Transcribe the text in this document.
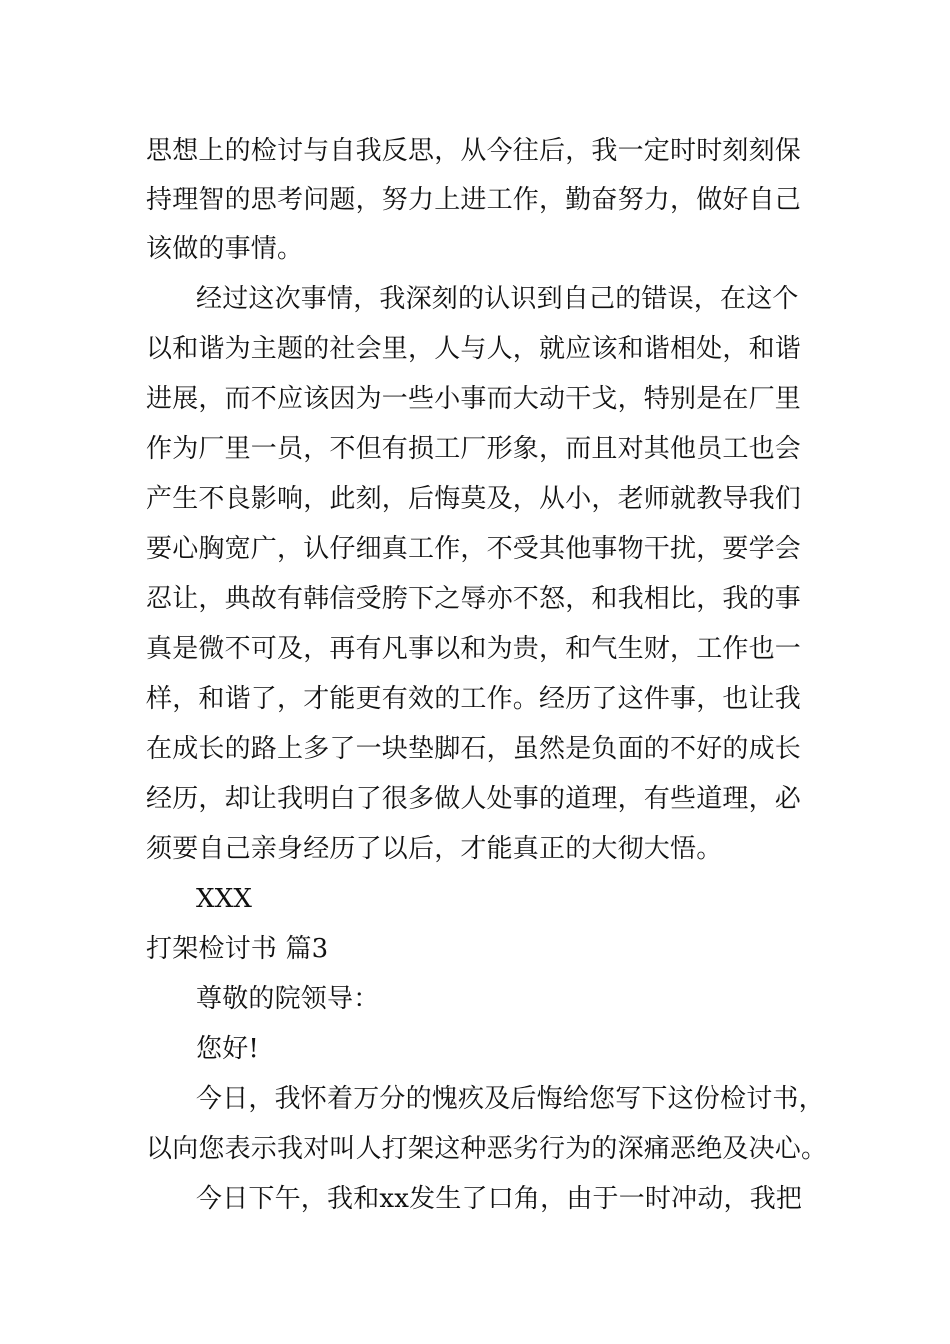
思想上的检讨与自我反思，从今往后，我一定时时刻刻保
持理智的思考问题，努力上进工作，勤奋努力，做好自己
该做的事情。
经过这次事情，我深刻的认识到自己的错误，在这个
以和谐为主题的社会里，人与人，就应该和谐相处，和谐
进展，而不应该因为一些小事而大动干戈，特别是在厂里
作为厂里一员，不但有损工厂形象，而且对其他员工也会
产生不良影响，此刻，后悔莫及，从小，老师就教导我们
要心胸宽广，认仔细真工作，不受其他事物干扰，要学会
忍让，典故有韩信受胯下之辱亦不怒，和我相比，我的事
真是微不可及，再有凡事以和为贵，和气生财，工作也一
样，和谐了，才能更有效的工作。经历了这件事，也让我
在成长的路上多了一块垫脚石，虽然是负面的不好的成长
经历，却让我明白了很多做人处事的道理，有些道理，必
须要自己亲身经历了以后，才能真正的大彻大悟。
XXX
打架检讨书 篇3
尊敬的院领导：
您好!
今日，我怀着万分的愧疚及后悔给您写下这份检讨书，
以向您表示我对叫人打架这种恶劣行为的深痛恶绝及决心。
今日下午，我和xx发生了口角，由于一时冲动，我把
